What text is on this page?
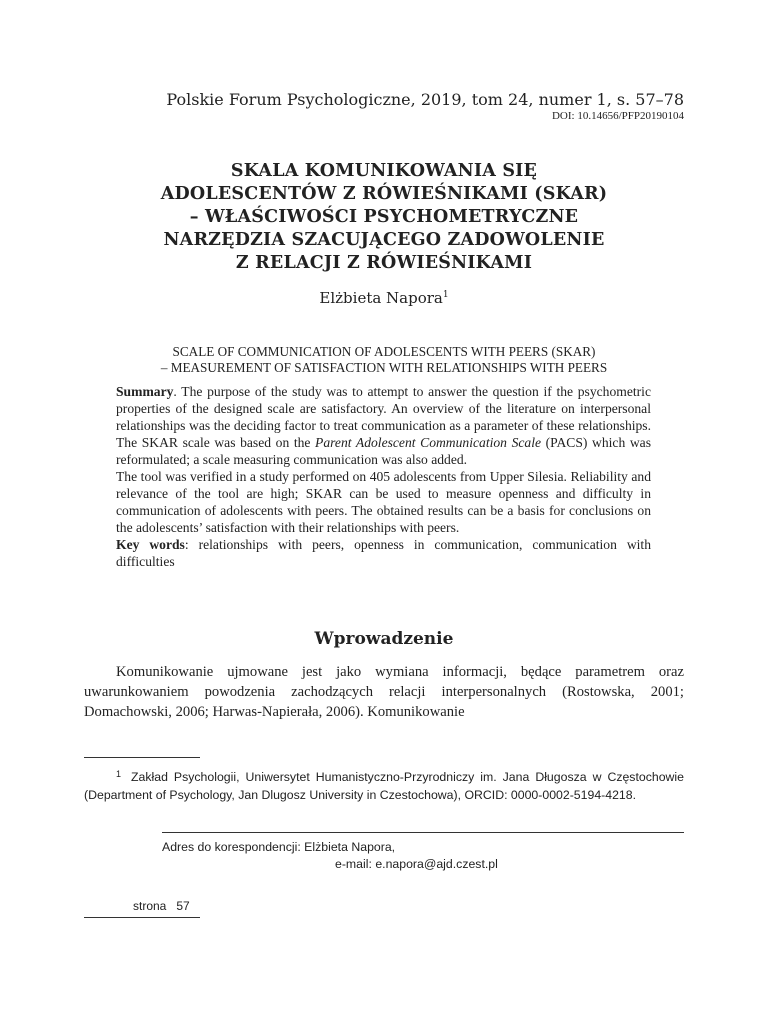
Polskie Forum Psychologiczne, 2019, tom 24, numer 1, s. 57–78
DOI: 10.14656/PFP20190104
SKALA KOMUNIKOWANIA SIĘ
ADOLESCENTÓW Z RÓWIEŚNIKAMI (SKAR)
– WŁAŚCIWOŚCI PSYCHOMETRYCZNE
NARZĘDZIA SZACUJĄCEGO ZADOWOLENIE
Z RELACJI Z RÓWIEŚNIKAMI
Elżbieta Napora$^1$
SCALE OF COMMUNICATION OF ADOLESCENTS WITH PEERS (SKAR)
– MEASUREMENT OF SATISFACTION WITH RELATIONSHIPS WITH PEERS

Summary. The purpose of the study was to attempt to answer the question if the psychometric properties of the designed scale are satisfactory. An overview of the literature on interpersonal relationships was the deciding factor to treat communication as a parameter of these relationships. The SKAR scale was based on the Parent Adolescent Communication Scale (PACS) which was reformulated; a scale measuring communication was also added.

The tool was verified in a study performed on 405 adolescents from Upper Silesia. Reliability and relevance of the tool are high; SKAR can be used to measure openness and difficulty in communication of adolescents with peers. The obtained results can be a basis for conclusions on the adolescents’ satisfaction with their relationships with peers.

Key words: relationships with peers, openness in communication, communication with difficulties

Wprowadzenie

Komunikowanie ujmowane jest jako wymiana informacji, będące parametrem oraz uwarunkowaniem powodzenia zachodzących relacji interpersonalnych (Rostowska, 2001; Domachowski, 2006; Harwas-Napierała, 2006). Komunikowanie

$^1$ Zakład Psychologii, Uniwersytet Humanistyczno-Przyrodniczy im. Jana Długosza w Częstochowie (Department of Psychology, Jan Dlugosz University in Czestochowa), ORCID: 0000-0002-5194-4218.

Adres do korespondencji: Elżbieta Napora,
e-mail: e.napora@ajd.czest.pl
strona 57
